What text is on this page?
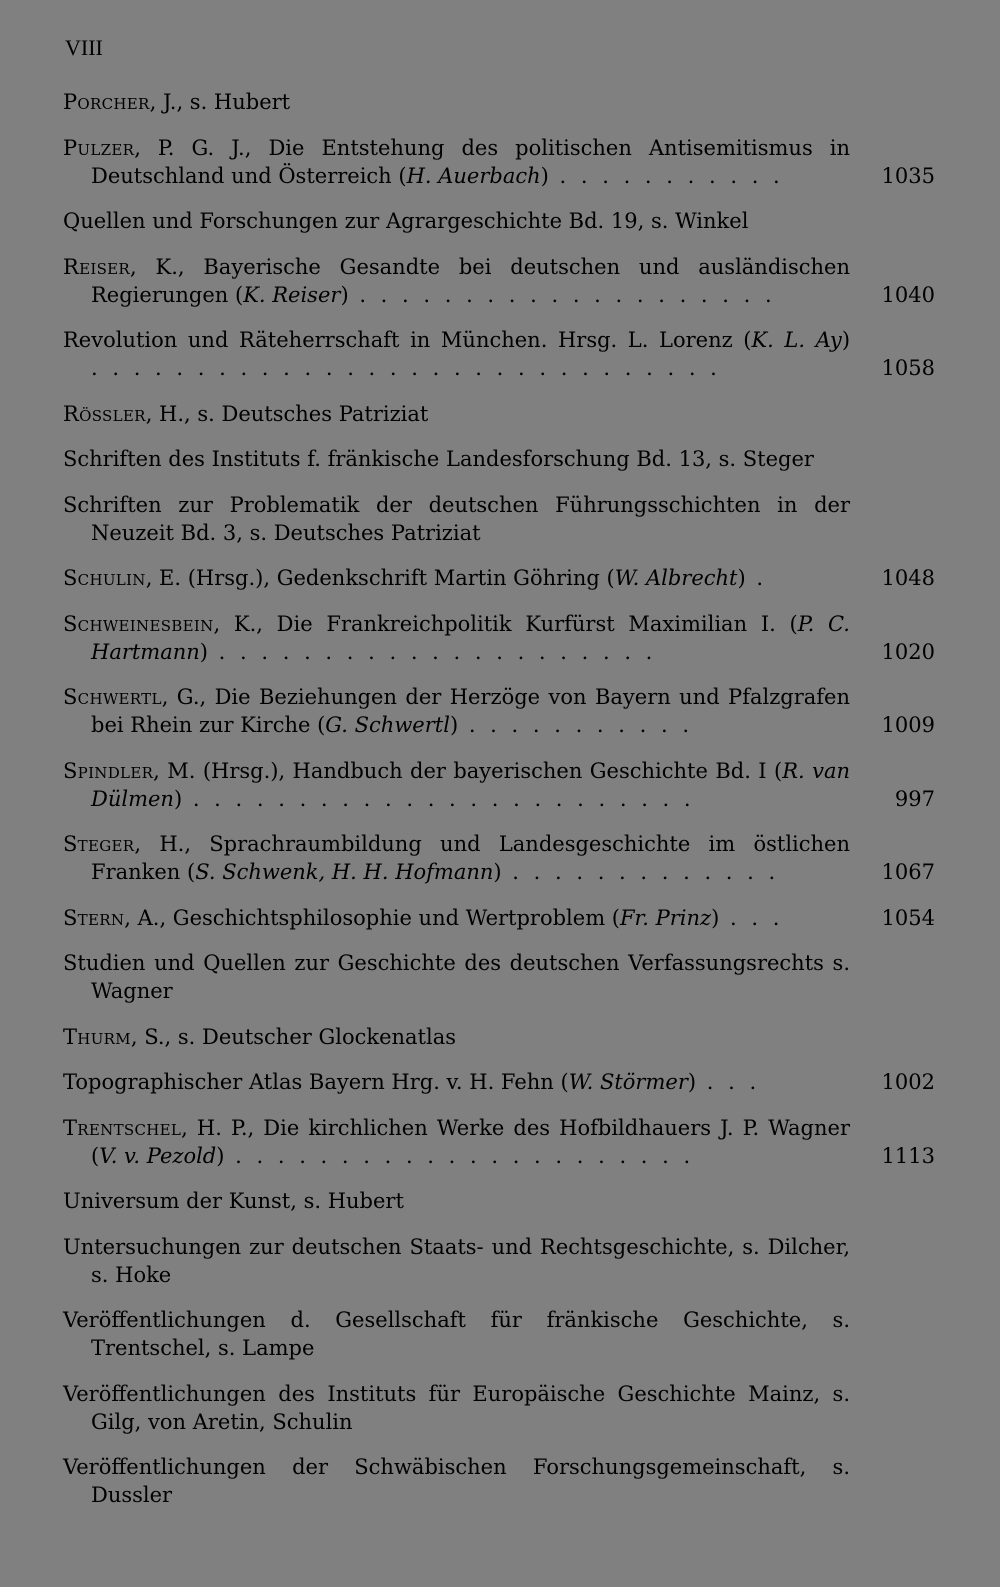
VIII
Porcher, J., s. Hubert
Pulzer, P. G. J., Die Entstehung des politischen Antisemitismus in Deutschland und Österreich (H. Auerbach) . . . . . . . . . . .	1035
Quellen und Forschungen zur Agrargeschichte Bd. 19, s. Winkel
Reiser, K., Bayerische Gesandte bei deutschen und ausländischen Regierungen (K. Reiser) . . . . . . . . . . . . . . . . . . . .	1040
Revolution und Räteherrschaft in München. Hrsg. L. Lorenz (K. L. Ay) . . . . . . . . . . . . . . . . . . . . . . . . . . . . . .	1058
Rössler, H., s. Deutsches Patriziat
Schriften des Instituts f. fränkische Landesforschung Bd. 13, s. Steger
Schriften zur Problematik der deutschen Führungsschichten in der Neuzeit Bd. 3, s. Deutsches Patriziat
Schulin, E. (Hrsg.), Gedenkschrift Martin Göhring (W. Albrecht) .	1048
Schweinesbein, K., Die Frankreichpolitik Kurfürst Maximilian I. (P. C. Hartmann) . . . . . . . . . . . . . . . . . . . . .	1020
Schwertl, G., Die Beziehungen der Herzöge von Bayern und Pfalzgrafen bei Rhein zur Kirche (G. Schwertl) . . . . . . . . . . .	1009
Spindler, M. (Hrsg.), Handbuch der bayerischen Geschichte Bd. I (R. van Dülmen) . . . . . . . . . . . . . . . . . . . . . . . .	997
Steger, H., Sprachraumbildung und Landesgeschichte im östlichen Franken (S. Schwenk, H. H. Hofmann) . . . . . . . . . . . . .	1067
Stern, A., Geschichtsphilosophie und Wertproblem (Fr. Prinz) . . .	1054
Studien und Quellen zur Geschichte des deutschen Verfassungsrechts s. Wagner
Thurm, S., s. Deutscher Glockenatlas
Topographischer Atlas Bayern Hrg. v. H. Fehn (W. Störmer) . . .	1002
Trentschel, H. P., Die kirchlichen Werke des Hofbildhauers J. P. Wagner (V. v. Pezold) . . . . . . . . . . . . . . . . . . . . . .	1113
Universum der Kunst, s. Hubert
Untersuchungen zur deutschen Staats- und Rechtsgeschichte, s. Dilcher, s. Hoke
Veröffentlichungen d. Gesellschaft für fränkische Geschichte, s. Trentschel, s. Lampe
Veröffentlichungen des Instituts für Europäische Geschichte Mainz, s. Gilg, von Aretin, Schulin
Veröffentlichungen der Schwäbischen Forschungsgemeinschaft, s. Dussler
